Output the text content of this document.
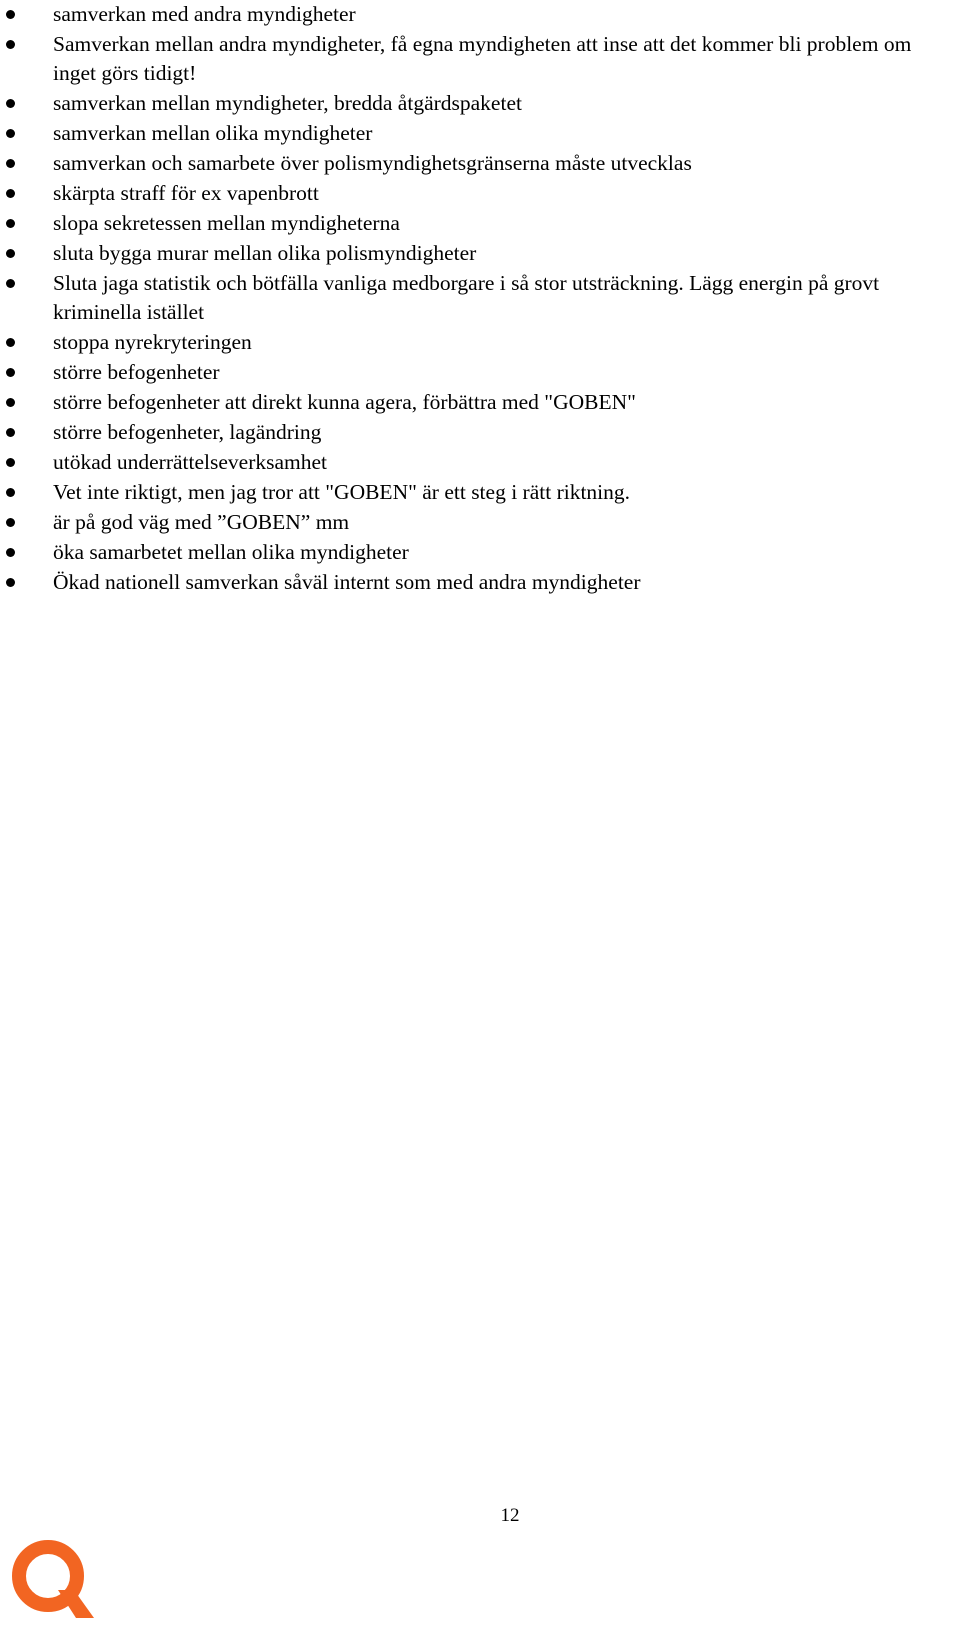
samverkan med andra myndigheter
Samverkan mellan andra myndigheter, få egna myndigheten att inse att det kommer bli problem om inget görs tidigt!
samverkan mellan myndigheter, bredda åtgärdspaketet
samverkan mellan olika myndigheter
samverkan och samarbete över polismyndighetsgränserna måste utvecklas
skärpta straff för ex vapenbrott
slopa sekretessen mellan myndigheterna
sluta bygga murar mellan olika polismyndigheter
Sluta jaga statistik och bötfälla vanliga medborgare i så stor utsträckning. Lägg energin på grovt kriminella istället
stoppa nyrekryteringen
större befogenheter
större befogenheter att direkt kunna agera, förbättra med "GOBEN"
större befogenheter, lagändring
utökad underrättelseverksamhet
Vet inte riktigt, men jag tror att "GOBEN" är ett steg i rätt riktning.
är på god väg med ”GOBEN” mm
öka samarbetet mellan olika myndigheter
Ökad nationell samverkan såväl internt som med andra myndigheter
12
